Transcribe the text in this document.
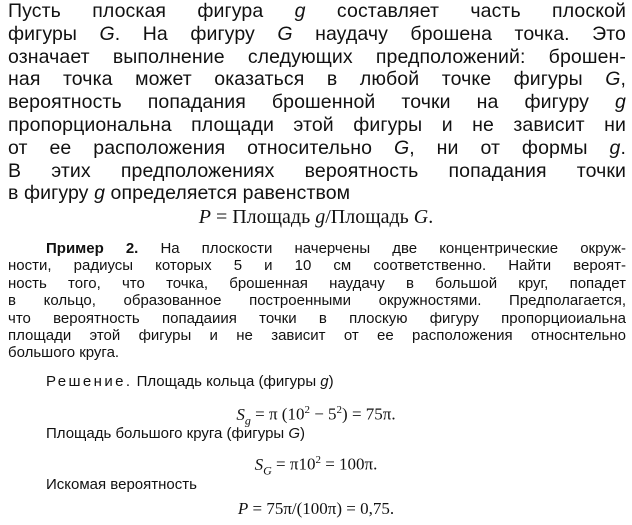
Пусть плоская фигура g составляет часть плоской
фигуры G. На фигуру G наудачу брошена точка. Это
означает выполнение следующих предположений: брошен-
ная точка может оказаться в любой точке фигуры G,
вероятность попадания брошенной точки на фигуру g
пропорциональна площади этой фигуры и не зависит ни
от ее расположения относительно G, ни от формы g.
В этих предположениях вероятность попадания точки
в фигуру g определяется равенством
P = Площадь g/Площадь G.
Пример 2. На плоскости начерчены две концентрические окруж-
ности, радиусы которых 5 и 10 см соответственно. Найти вероят-
ность того, что точка, брошенная наудачу в большой круг, попадет
в кольцо, образованное построенными окружностями. Предполагается,
что вероятность попадаиия точки в плоскую фигуру пропорциоиальна
площади этой фигуры и не зависит от ее расположения относнтельно
большого круга.
Решение. Площадь кольца (фигуры g)
$S_g = \pi$ $(10^2 - 5^2) = 75\pi$.
Площадь большого круга (фигуры G)
$S_G = \pi 10^2 = 100\pi$.
Искомая вероятность
P = 75π/(100π) = 0,75.
